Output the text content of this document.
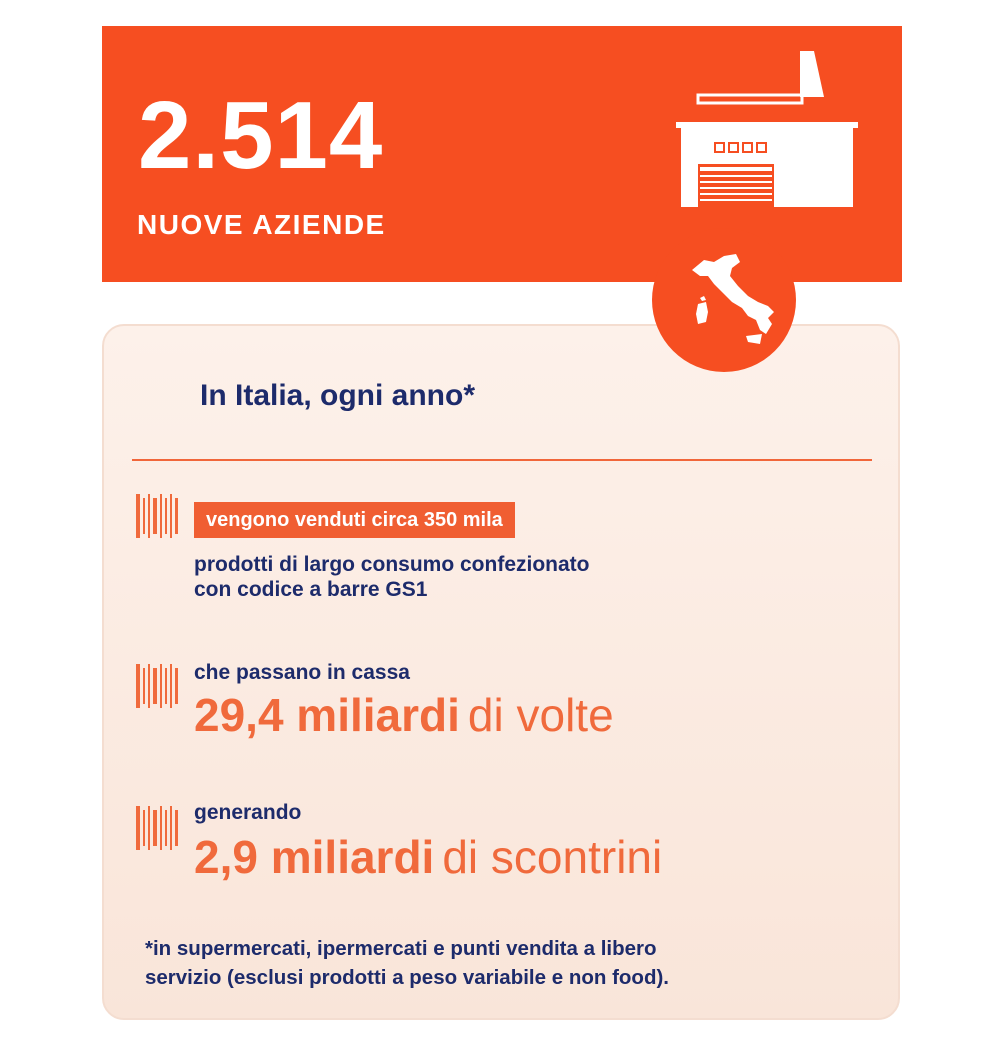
2.514
NUOVE AZIENDE
In Italia, ogni anno*
vengono venduti circa 350 mila
prodotti di largo consumo confezionato
con codice a barre GS1
che passano in cassa
29,4 miliardi di volte
generando
2,9 miliardi di scontrini
*in supermercati, ipermercati e punti vendita a libero
servizio (esclusi prodotti a peso variabile e non food).
